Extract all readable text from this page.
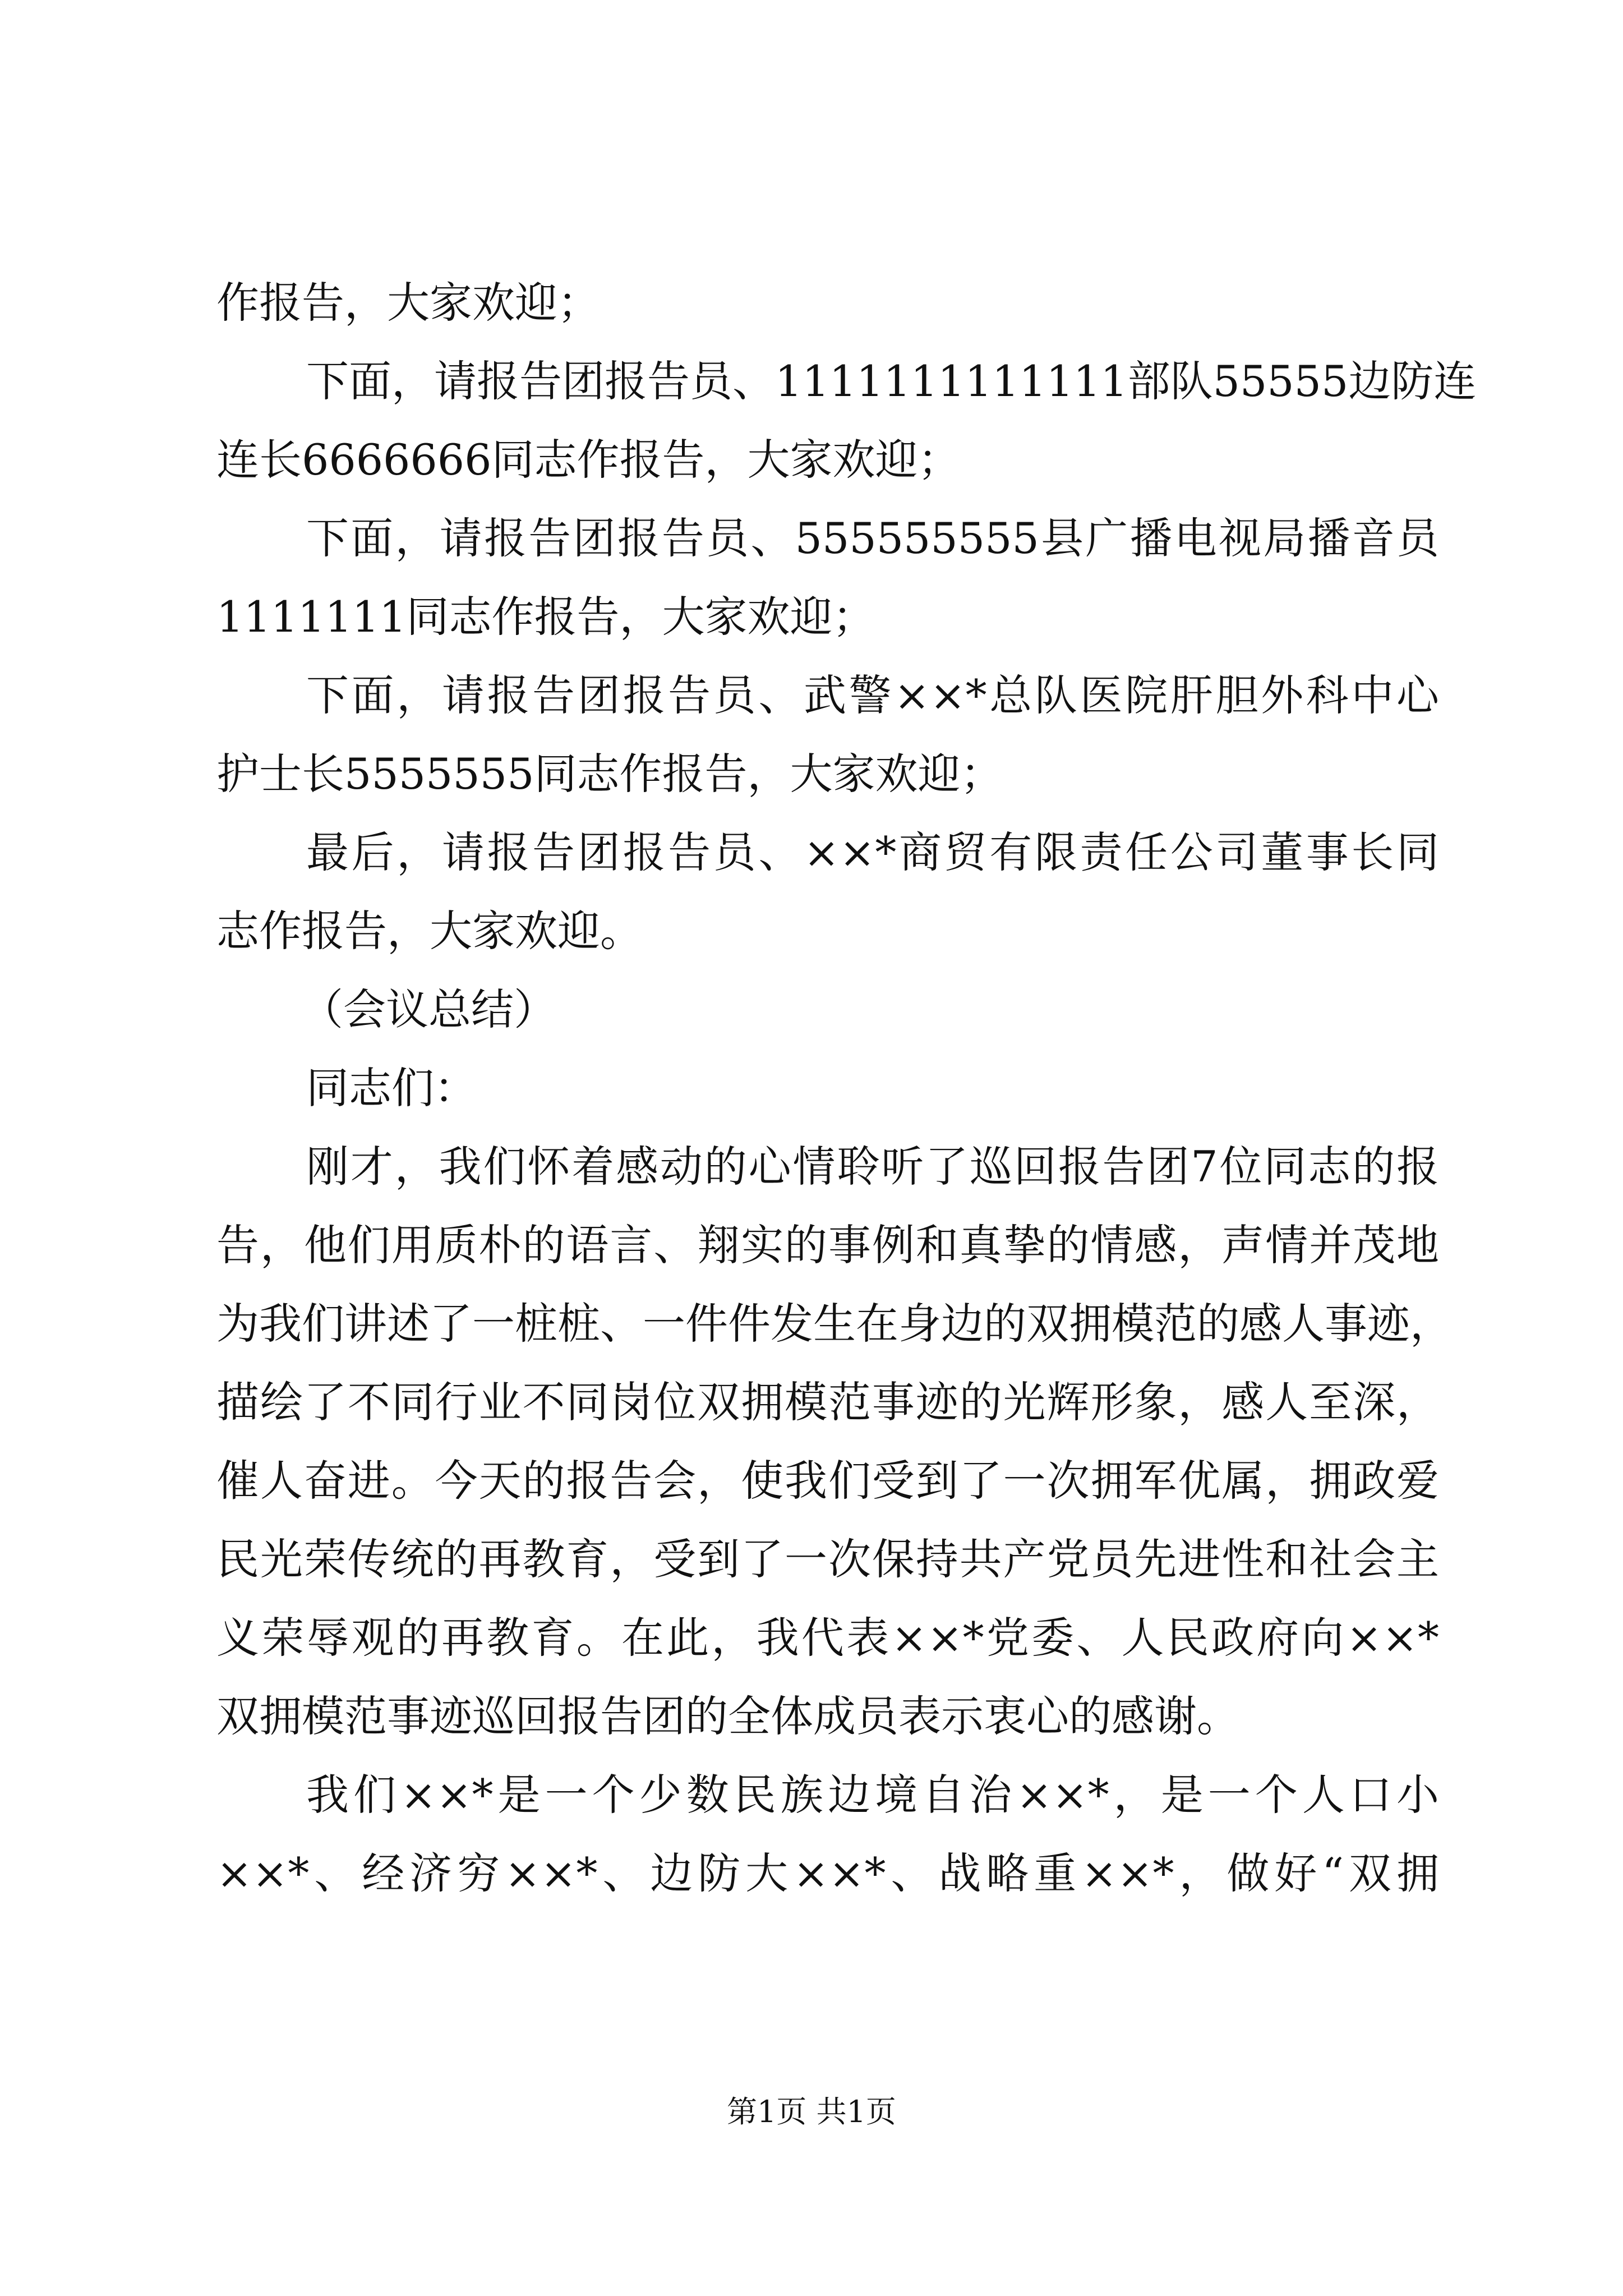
作报告，大家欢迎；
下面，请报告团报告员、1111111111111部队55555边防连
连长6666666同志作报告，大家欢迎；
下面，请报告团报告员、555555555县广播电视局播音员
1111111同志作报告，大家欢迎；
下面，请报告团报告员、武警××*总队医院肝胆外科中心
护士长5555555同志作报告，大家欢迎；
最后，请报告团报告员、××*商贸有限责任公司董事长同
志作报告，大家欢迎。
（会议总结）
同志们：
刚才，我们怀着感动的心情聆听了巡回报告团7位同志的报
告，他们用质朴的语言、翔实的事例和真挚的情感，声情并茂地
为我们讲述了一桩桩、一件件发生在身边的双拥模范的感人事迹，
描绘了不同行业不同岗位双拥模范事迹的光辉形象，感人至深，
催人奋进。今天的报告会，使我们受到了一次拥军优属，拥政爱
民光荣传统的再教育，受到了一次保持共产党员先进性和社会主
义荣辱观的再教育。在此，我代表××*党委、人民政府向××*
双拥模范事迹巡回报告团的全体成员表示衷心的感谢。
我们××*是一个少数民族边境自治××*，是一个人口小
××*、经济穷××*、边防大××*、战略重××*，做好“双拥
第1页 共1页
